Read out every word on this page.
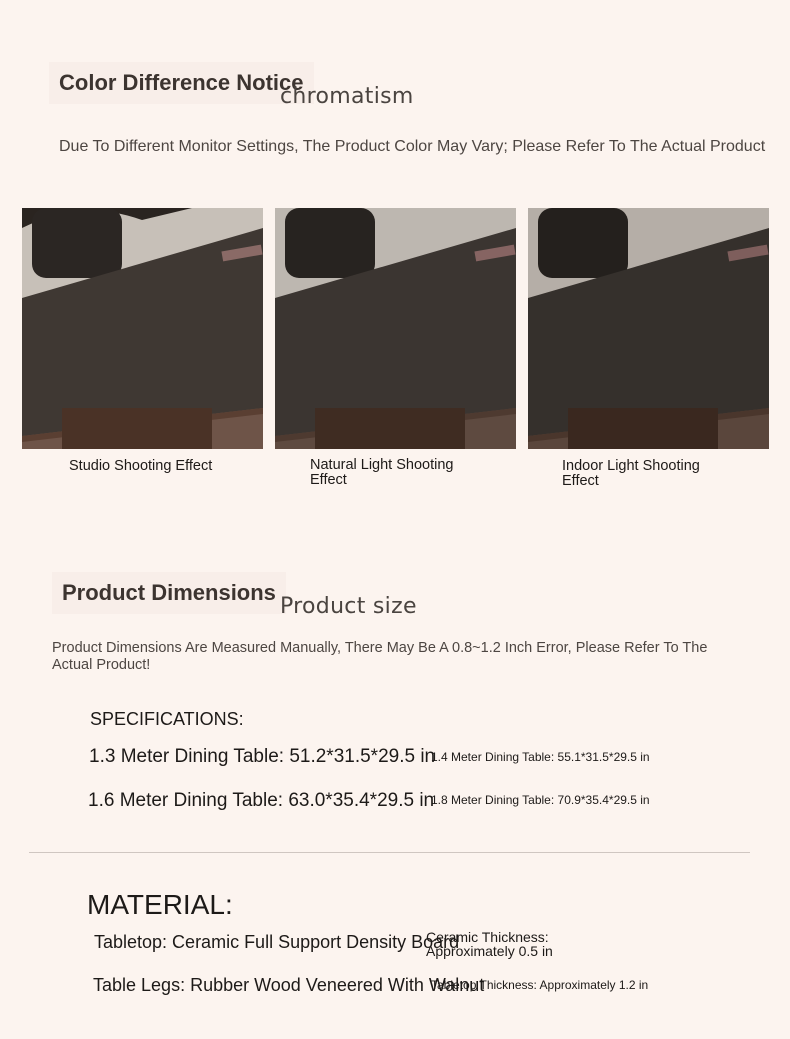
Color Difference Notice
chromatism
Due To Different Monitor Settings, The Product Color May Vary; Please Refer To The Actual Product
Studio Shooting Effect	Natural Light Shooting Effect
Indoor Light Shooting Effect
Product Dimensions
Product size
Product Dimensions Are Measured Manually, There May Be A 0.8~1.2 Inch Error, Please Refer To The Actual Product!
SPECIFICATIONS:
1.3 Meter Dining Table: 51.2*31.5*29.5 in
1.4 Meter Dining Table: 55.1*31.5*29.5 in
1.6 Meter Dining Table: 63.0*35.4*29.5 in
1.8 Meter Dining Table: 70.9*35.4*29.5 in
MATERIAL:
Tabletop: Ceramic Full Support Density Board
Ceramic Thickness: Approximately 0.5 in
Table Legs: Rubber Wood Veneered With Walnut
Tabletop Thickness: Approximately 1.2 in
